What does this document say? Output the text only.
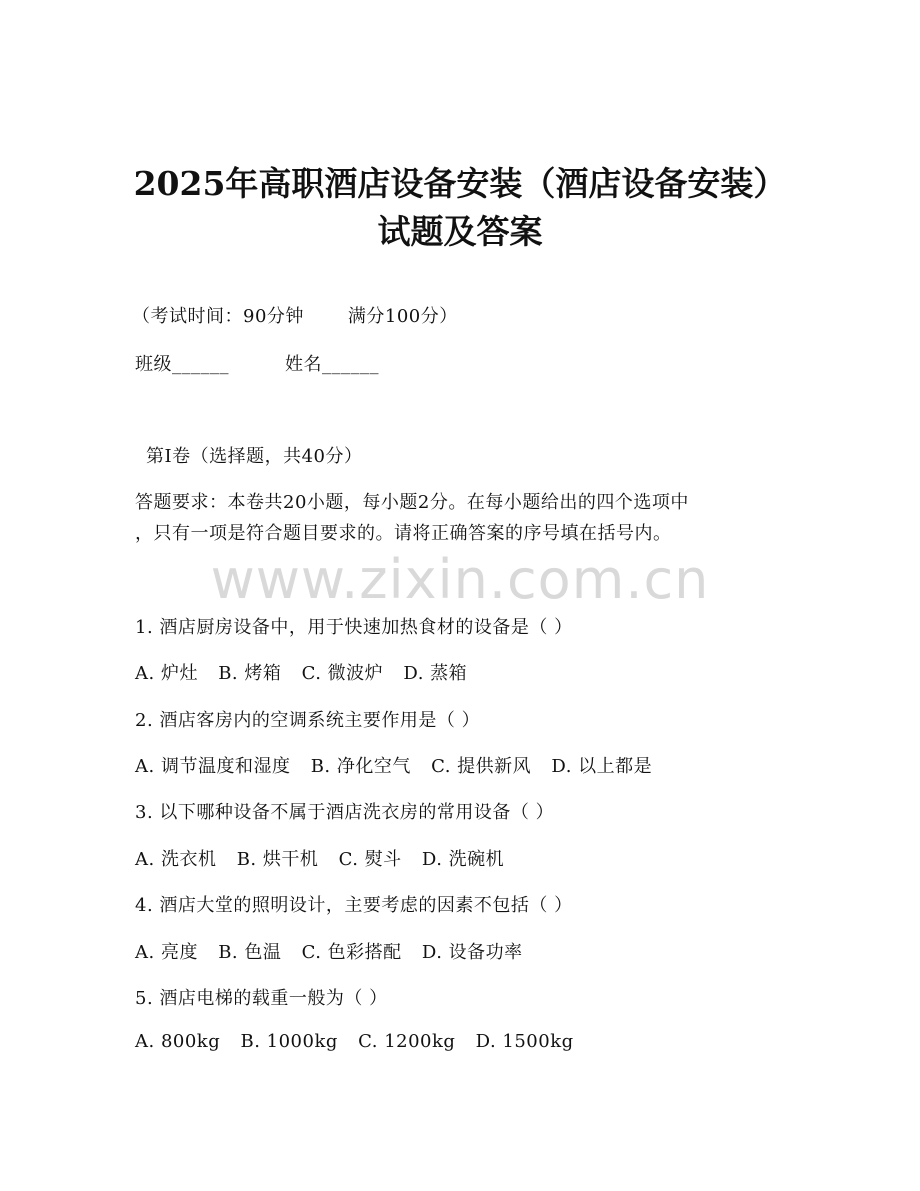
2025年高职酒店设备安装（酒店设备安装）
试题及答案
（考试时间：90分钟 满分100分）
班级______	姓名______
第I卷（选择题，共40分）
答题要求：本卷共20小题，每小题2分。在每小题给出的四个选项中
，只有一项是符合题目要求的。请将正确答案的序号填在括号内。
www.zixin.com.cn
1. 酒店厨房设备中，用于快速加热食材的设备是（ ）
A. 炉灶 B. 烤箱 C. 微波炉 D. 蒸箱
2. 酒店客房内的空调系统主要作用是（ ）
A. 调节温度和湿度 B. 净化空气 C. 提供新风 D. 以上都是
3. 以下哪种设备不属于酒店洗衣房的常用设备（ ）
A. 洗衣机 B. 烘干机 C. 熨斗 D. 洗碗机
4. 酒店大堂的照明设计，主要考虑的因素不包括（ ）
A. 亮度 B. 色温 C. 色彩搭配 D. 设备功率
5. 酒店电梯的载重一般为（ ）
A. 800kg B. 1000kg C. 1200kg D. 1500kg
